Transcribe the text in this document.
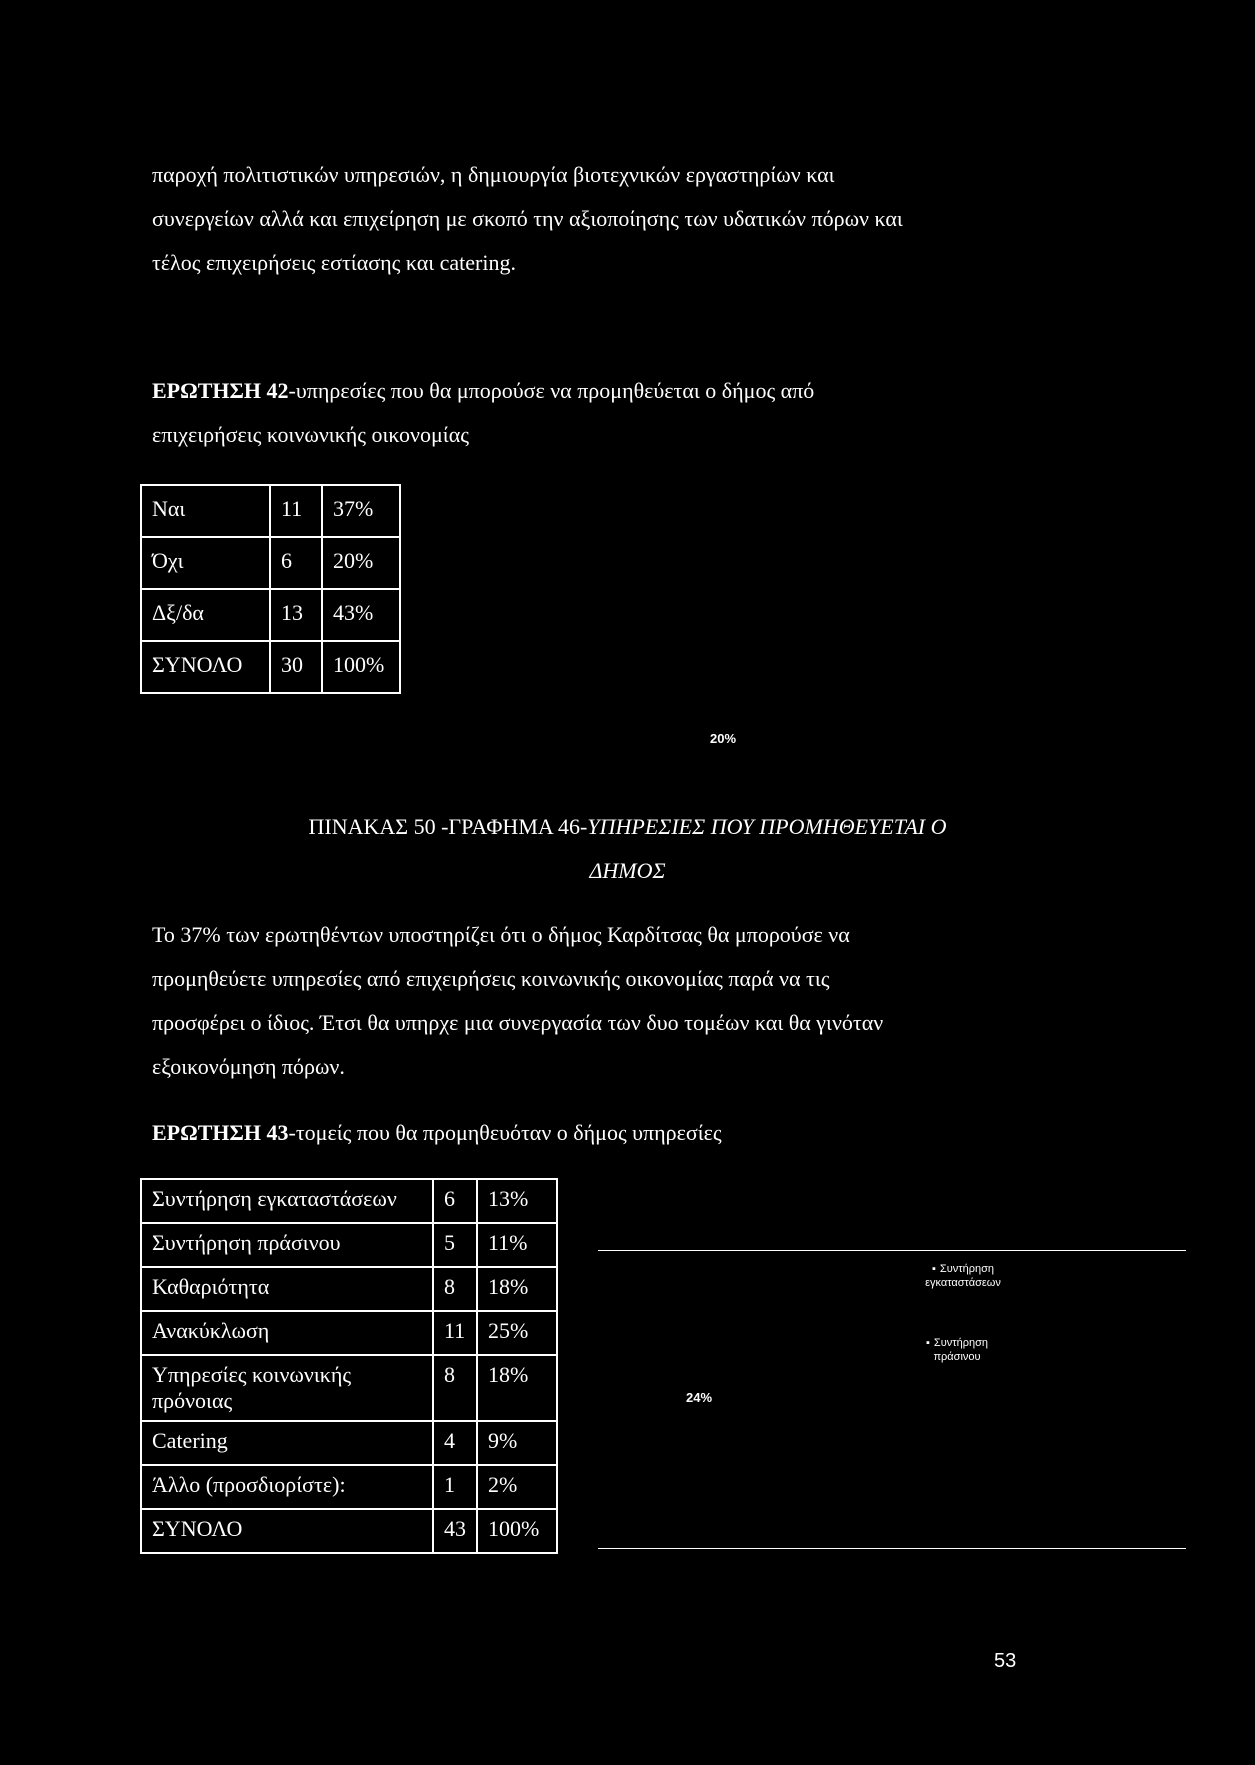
παροχή πολιτιστικών υπηρεσιών, η δημιουργία βιοτεχνικών εργαστηρίων και
συνεργείων αλλά και επιχείρηση με σκοπό την αξιοποίησης των υδατικών πόρων και
τέλος επιχειρήσεις εστίασης και catering.
ΕΡΩΤΗΣΗ 42-υπηρεσίες που θα μπορούσε να προμηθεύεται ο δήμος από
επιχειρήσεις κοινωνικής οικονομίας
Ναι	11	37%
Όχι	6	20%
Δξ/δα	13	43%
ΣΥΝΟΛΟ	30	100%
20%
ΠΙΝΑΚΑΣ 50 -ΓΡΑΦΗΜΑ 46-ΥΠΗΡΕΣΙΕΣ ΠΟΥ ΠΡΟΜΗΘΕΥΕΤΑΙ Ο
ΔΗΜΟΣ
Το 37% των ερωτηθέντων υποστηρίζει ότι ο δήμος Καρδίτσας θα μπορούσε να
προμηθεύετε υπηρεσίες από επιχειρήσεις κοινωνικής οικονομίας παρά να τις
προσφέρει ο ίδιος. Έτσι θα υπηρχε μια συνεργασία των δυο τομέων και θα γινόταν
εξοικονόμηση πόρων.
ΕΡΩΤΗΣΗ 43-τομείς που θα προμηθευόταν ο δήμος υπηρεσίες
Συντήρηση εγκαταστάσεων	6	13%
Συντήρηση πράσινου	5	11%
Καθαριότητα	8	18%
Ανακύκλωση	11	25%
Υπηρεσίες κοινωνικής πρόνοιας	8	18%
Catering	4	9%
Άλλο (προσδιορίστε):	1	2%
ΣΥΝΟΛΟ	43	100%
▪ Συντήρηση
εγκαταστάσεων
▪ Συντήρηση
πράσινου
24%
53
